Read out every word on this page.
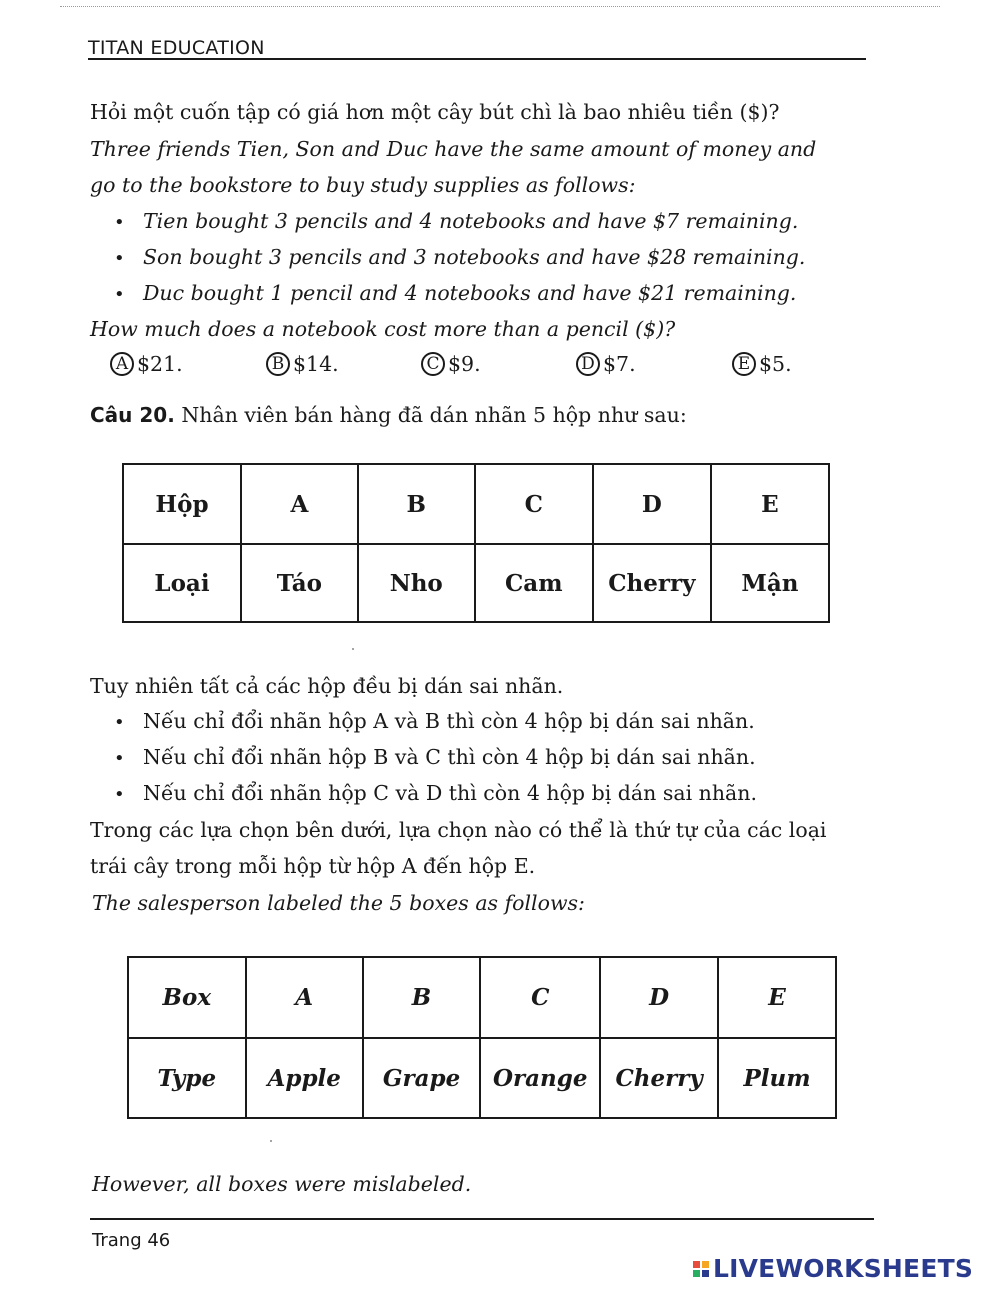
TITAN EDUCATION
Hỏi một cuốn tập có giá hơn một cây bút chì là bao nhiêu tiền ($)?
Three friends Tien, Son and Duc have the same amount of money and
go to the bookstore to buy study supplies as follows:
• Tien bought 3 pencils and 4 notebooks and have $7 remaining.
• Son bought 3 pencils and 3 notebooks and have $28 remaining.
• Duc bought 1 pencil and 4 notebooks and have $21 remaining.
How much does a notebook cost more than a pencil ($)?
A $21.	B $14.	C $9.	D $7.	E $5.
Câu 20. Nhân viên bán hàng đã dán nhãn 5 hộp như sau:
Hộp	A	B	C	D	E
Loại	Táo	Nho	Cam	Cherry	Mận
Tuy nhiên tất cả các hộp đều bị dán sai nhãn.
• Nếu chỉ đổi nhãn hộp A và B thì còn 4 hộp bị dán sai nhãn.
• Nếu chỉ đổi nhãn hộp B và C thì còn 4 hộp bị dán sai nhãn.
• Nếu chỉ đổi nhãn hộp C và D thì còn 4 hộp bị dán sai nhãn.
Trong các lựa chọn bên dưới, lựa chọn nào có thể là thứ tự của các loại
trái cây trong mỗi hộp từ hộp A đến hộp E.
The salesperson labeled the 5 boxes as follows:
Box	A	B	C	D	E
Type	Apple	Grape	Orange	Cherry	Plum
However, all boxes were mislabeled.
Trang 46
LIVEWORKSHEETS
